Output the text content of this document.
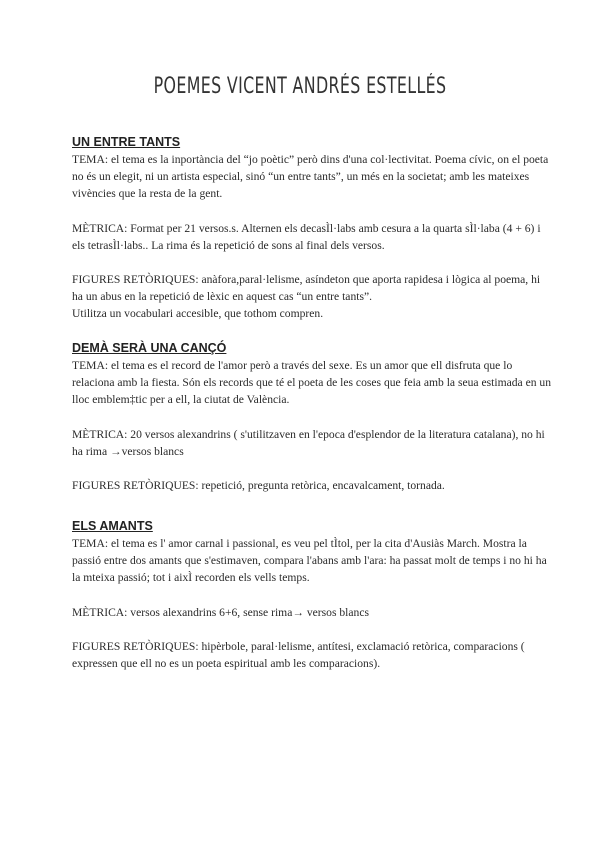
POEMES VICENT ANDRÉS ESTELLÉS

UN ENTRE TANTS

TEMA: el tema es la inportància del “jo poètic” però dins d'una col·lectivitat. Poema cívic, on el poeta no és un elegit, ni un artista especial, sinó “un entre tants”, un més en la societat; amb les mateixes vivències que la resta de la gent.

MÈTRICA: Format per 21 versos.s. Alternen els decasÌl·labs amb cesura a la quarta sÌl·laba (4 + 6) i els tetrasÌl·labs.. La rima és la repetició de sons al final dels versos.

FIGURES RETÒRIQUES: anàfora,paral·lelisme, asíndeton que aporta rapidesa i lògica al poema, hi ha un abus en la repetició de lèxic en aquest cas “un entre tants”.

Utilitza un vocabulari accesible, que tothom compren.

DEMÀ SERÀ UNA CANÇÓ

TEMA: el tema es el record de l'amor però a través del sexe. Es un amor que ell disfruta que lo relaciona amb la fiesta. Són els records que té el poeta de les coses que feia amb la seua estimada en un lloc emblem‡tic per a ell, la ciutat de València.

MÈTRICA: 20 versos alexandrins ( s'utilitzaven en l'epoca d'esplendor de la literatura catalana), no hi ha rima →versos blancs

FIGURES RETÒRIQUES: repetició, pregunta retòrica, encavalcament, tornada.

ELS AMANTS

TEMA: el tema es l' amor carnal i passional, es veu pel tÌtol, per la cita d'Ausiàs March. Mostra la passió entre dos amants que s'estimaven, compara l'abans amb l'ara: ha passat molt de temps i no hi ha la mteixa passió; tot i aixÌ recorden els vells temps.

MÈTRICA: versos alexandrins 6+6, sense rima→ versos blancs

FIGURES RETÒRIQUES: hipèrbole, paral·lelisme, antítesi, exclamació retòrica, comparacions ( expressen que ell no es un poeta espiritual amb les comparacions).
